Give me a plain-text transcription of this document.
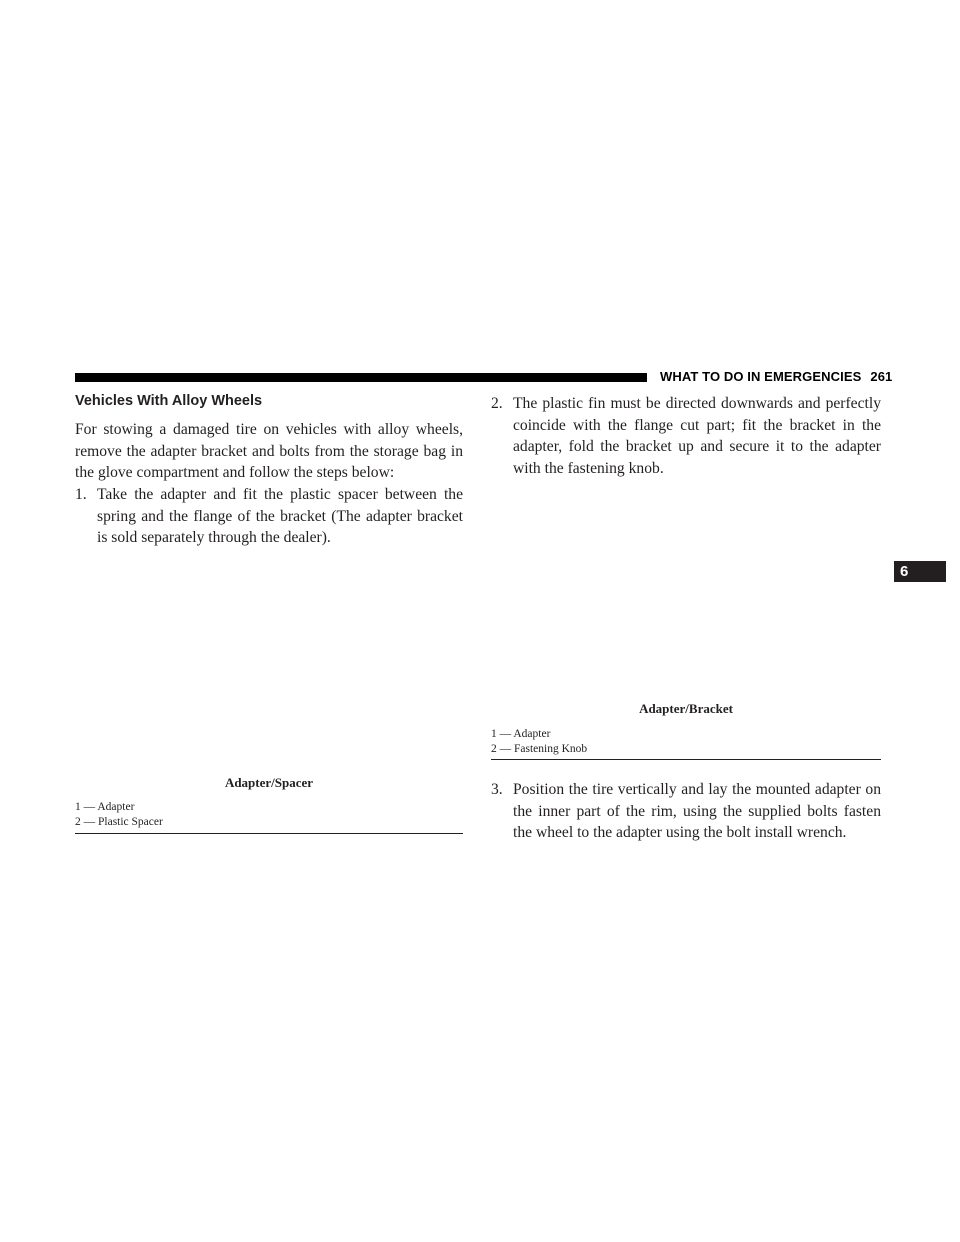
WHAT TO DO IN EMERGENCIES 261
Vehicles With Alloy Wheels
For stowing a damaged tire on vehicles with alloy wheels, remove the adapter bracket and bolts from the storage bag in the glove compartment and follow the steps below:
1. Take the adapter and fit the plastic spacer between the spring and the flange of the bracket (The adapter bracket is sold separately through the dealer).
Adapter/Spacer
1 — Adapter
2 — Plastic Spacer
2. The plastic fin must be directed downwards and perfectly coincide with the flange cut part; fit the bracket in the adapter, fold the bracket up and secure it to the adapter with the fastening knob.
Adapter/Bracket
1 — Adapter
2 — Fastening Knob
3. Position the tire vertically and lay the mounted adapter on the inner part of the rim, using the supplied bolts fasten the wheel to the adapter using the bolt install wrench.
6
